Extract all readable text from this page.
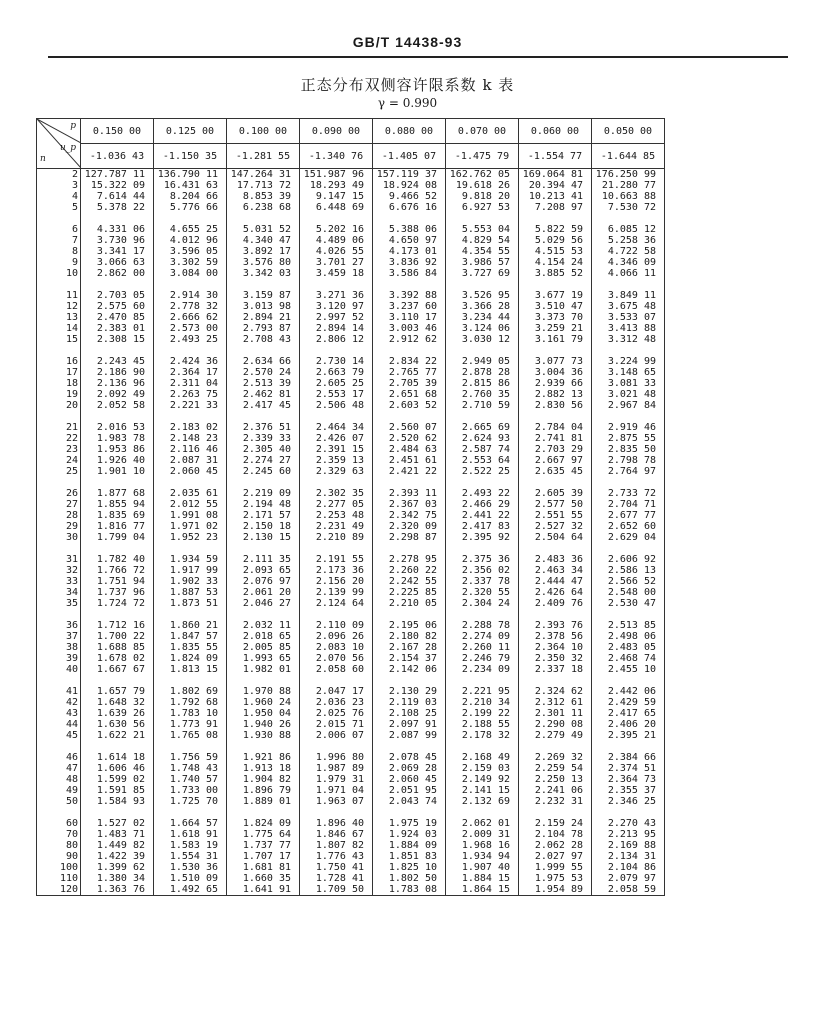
GB/T 14438-93
正态分布双侧容许限系数 k 表
γ = 0.990
p
u_p
n	0.150 00	0.125 00	0.100 00	0.090 00	0.080 00	0.070 00	0.060 00	0.050 00
	-1.036 43	-1.150 35	-1.281 55	-1.340 76	-1.405 07	-1.475 79	-1.554 77	-1.644 85
2	127.787 11	136.790 11	147.264 31	151.987 96	157.119 37	162.762 05	169.064 81	176.250 99
3	15.322 09	16.431 63	17.713 72	18.293 49	18.924 08	19.618 26	20.394 47	21.280 77
4	7.614 44	8.204 66	8.853 39	9.147 15	9.466 52	9.818 20	10.213 41	10.663 88
5	5.378 22	5.776 66	6.238 68	6.448 69	6.676 16	6.927 53	7.208 97	7.530 72

6	4.331 06	4.655 25	5.031 52	5.202 16	5.388 06	5.553 04	5.822 59	6.085 12
7	3.730 96	4.012 96	4.340 47	4.489 06	4.650 97	4.829 54	5.029 56	5.258 36
8	3.341 17	3.596 05	3.892 17	4.026 55	4.173 01	4.354 55	4.515 53	4.722 58
9	3.066 63	3.302 59	3.576 80	3.701 27	3.836 92	3.986 57	4.154 24	4.346 09
10	2.862 00	3.084 00	3.342 03	3.459 18	3.586 84	3.727 69	3.885 52	4.066 11

11	2.703 05	2.914 30	3.159 87	3.271 36	3.392 88	3.526 95	3.677 19	3.849 11
12	2.575 60	2.778 32	3.013 98	3.120 97	3.237 60	3.366 28	3.510 47	3.675 48
13	2.470 85	2.666 62	2.894 21	2.997 52	3.110 17	3.234 44	3.373 70	3.533 07
14	2.383 01	2.573 00	2.793 87	2.894 14	3.003 46	3.124 06	3.259 21	3.413 88
15	2.308 15	2.493 25	2.708 43	2.806 12	2.912 62	3.030 12	3.161 79	3.312 48

16	2.243 45	2.424 36	2.634 66	2.730 14	2.834 22	2.949 05	3.077 73	3.224 99
17	2.186 90	2.364 17	2.570 24	2.663 79	2.765 77	2.878 28	3.004 36	3.148 65
18	2.136 96	2.311 04	2.513 39	2.605 25	2.705 39	2.815 86	2.939 66	3.081 33
19	2.092 49	2.263 75	2.462 81	2.553 17	2.651 68	2.760 35	2.882 13	3.021 48
20	2.052 58	2.221 33	2.417 45	2.506 48	2.603 52	2.710 59	2.830 56	2.967 84

21	2.016 53	2.183 02	2.376 51	2.464 34	2.560 07	2.665 69	2.784 04	2.919 46
22	1.983 78	2.148 23	2.339 33	2.426 07	2.520 62	2.624 93	2.741 81	2.875 55
23	1.953 86	2.116 46	2.305 40	2.391 15	2.484 63	2.587 74	2.703 29	2.835 50
24	1.926 40	2.087 31	2.274 27	2.359 13	2.451 61	2.553 64	2.667 97	2.798 78
25	1.901 10	2.060 45	2.245 60	2.329 63	2.421 22	2.522 25	2.635 45	2.764 97

26	1.877 68	2.035 61	2.219 09	2.302 35	2.393 11	2.493 22	2.605 39	2.733 72
27	1.855 94	2.012 55	2.194 48	2.277 05	2.367 03	2.466 29	2.577 50	2.704 71
28	1.835 69	1.991 08	2.171 57	2.253 48	2.342 75	2.441 22	2.551 55	2.677 77
29	1.816 77	1.971 02	2.150 18	2.231 49	2.320 09	2.417 83	2.527 32	2.652 60
30	1.799 04	1.952 23	2.130 15	2.210 89	2.298 87	2.395 92	2.504 64	2.629 04

31	1.782 40	1.934 59	2.111 35	2.191 55	2.278 95	2.375 36	2.483 36	2.606 92
32	1.766 72	1.917 99	2.093 65	2.173 36	2.260 22	2.356 02	2.463 34	2.586 13
33	1.751 94	1.902 33	2.076 97	2.156 20	2.242 55	2.337 78	2.444 47	2.566 52
34	1.737 96	1.887 53	2.061 20	2.139 99	2.225 85	2.320 55	2.426 64	2.548 00
35	1.724 72	1.873 51	2.046 27	2.124 64	2.210 05	2.304 24	2.409 76	2.530 47

36	1.712 16	1.860 21	2.032 11	2.110 09	2.195 06	2.288 78	2.393 76	2.513 85
37	1.700 22	1.847 57	2.018 65	2.096 26	2.180 82	2.274 09	2.378 56	2.498 06
38	1.688 85	1.835 55	2.005 85	2.083 10	2.167 28	2.260 11	2.364 10	2.483 05
39	1.678 02	1.824 09	1.993 65	2.070 56	2.154 37	2.246 79	2.350 32	2.468 74
40	1.667 67	1.813 15	1.982 01	2.058 60	2.142 06	2.234 09	2.337 18	2.455 10

41	1.657 79	1.802 69	1.970 88	2.047 17	2.130 29	2.221 95	2.324 62	2.442 06
42	1.648 32	1.792 68	1.960 24	2.036 23	2.119 03	2.210 34	2.312 61	2.429 59
43	1.639 26	1.783 10	1.950 04	2.025 76	2.108 25	2.199 22	2.301 11	2.417 65
44	1.630 56	1.773 91	1.940 26	2.015 71	2.097 91	2.188 55	2.290 08	2.406 20
45	1.622 21	1.765 08	1.930 88	2.006 07	2.087 99	2.178 32	2.279 49	2.395 21

46	1.614 18	1.756 59	1.921 86	1.996 80	2.078 45	2.168 49	2.269 32	2.384 66
47	1.606 46	1.748 43	1.913 18	1.987 89	2.069 28	2.159 03	2.259 54	2.374 51
48	1.599 02	1.740 57	1.904 82	1.979 31	2.060 45	2.149 92	2.250 13	2.364 73
49	1.591 85	1.733 00	1.896 79	1.971 04	2.051 95	2.141 15	2.241 06	2.355 37
50	1.584 93	1.725 70	1.889 01	1.963 07	2.043 74	2.132 69	2.232 31	2.346 25

60	1.527 02	1.664 57	1.824 09	1.896 40	1.975 19	2.062 01	2.159 24	2.270 43
70	1.483 71	1.618 91	1.775 64	1.846 67	1.924 03	2.009 31	2.104 78	2.213 95
80	1.449 82	1.583 19	1.737 77	1.807 82	1.884 09	1.968 16	2.062 28	2.169 88
90	1.422 39	1.554 31	1.707 17	1.776 43	1.851 83	1.934 94	2.027 97	2.134 31
100	1.399 62	1.530 36	1.681 81	1.750 41	1.825 10	1.907 40	1.999 55	2.104 86
110	1.380 34	1.510 09	1.660 35	1.728 41	1.802 50	1.884 15	1.975 53	2.079 97
120	1.363 76	1.492 65	1.641 91	1.709 50	1.783 08	1.864 15	1.954 89	2.058 59
